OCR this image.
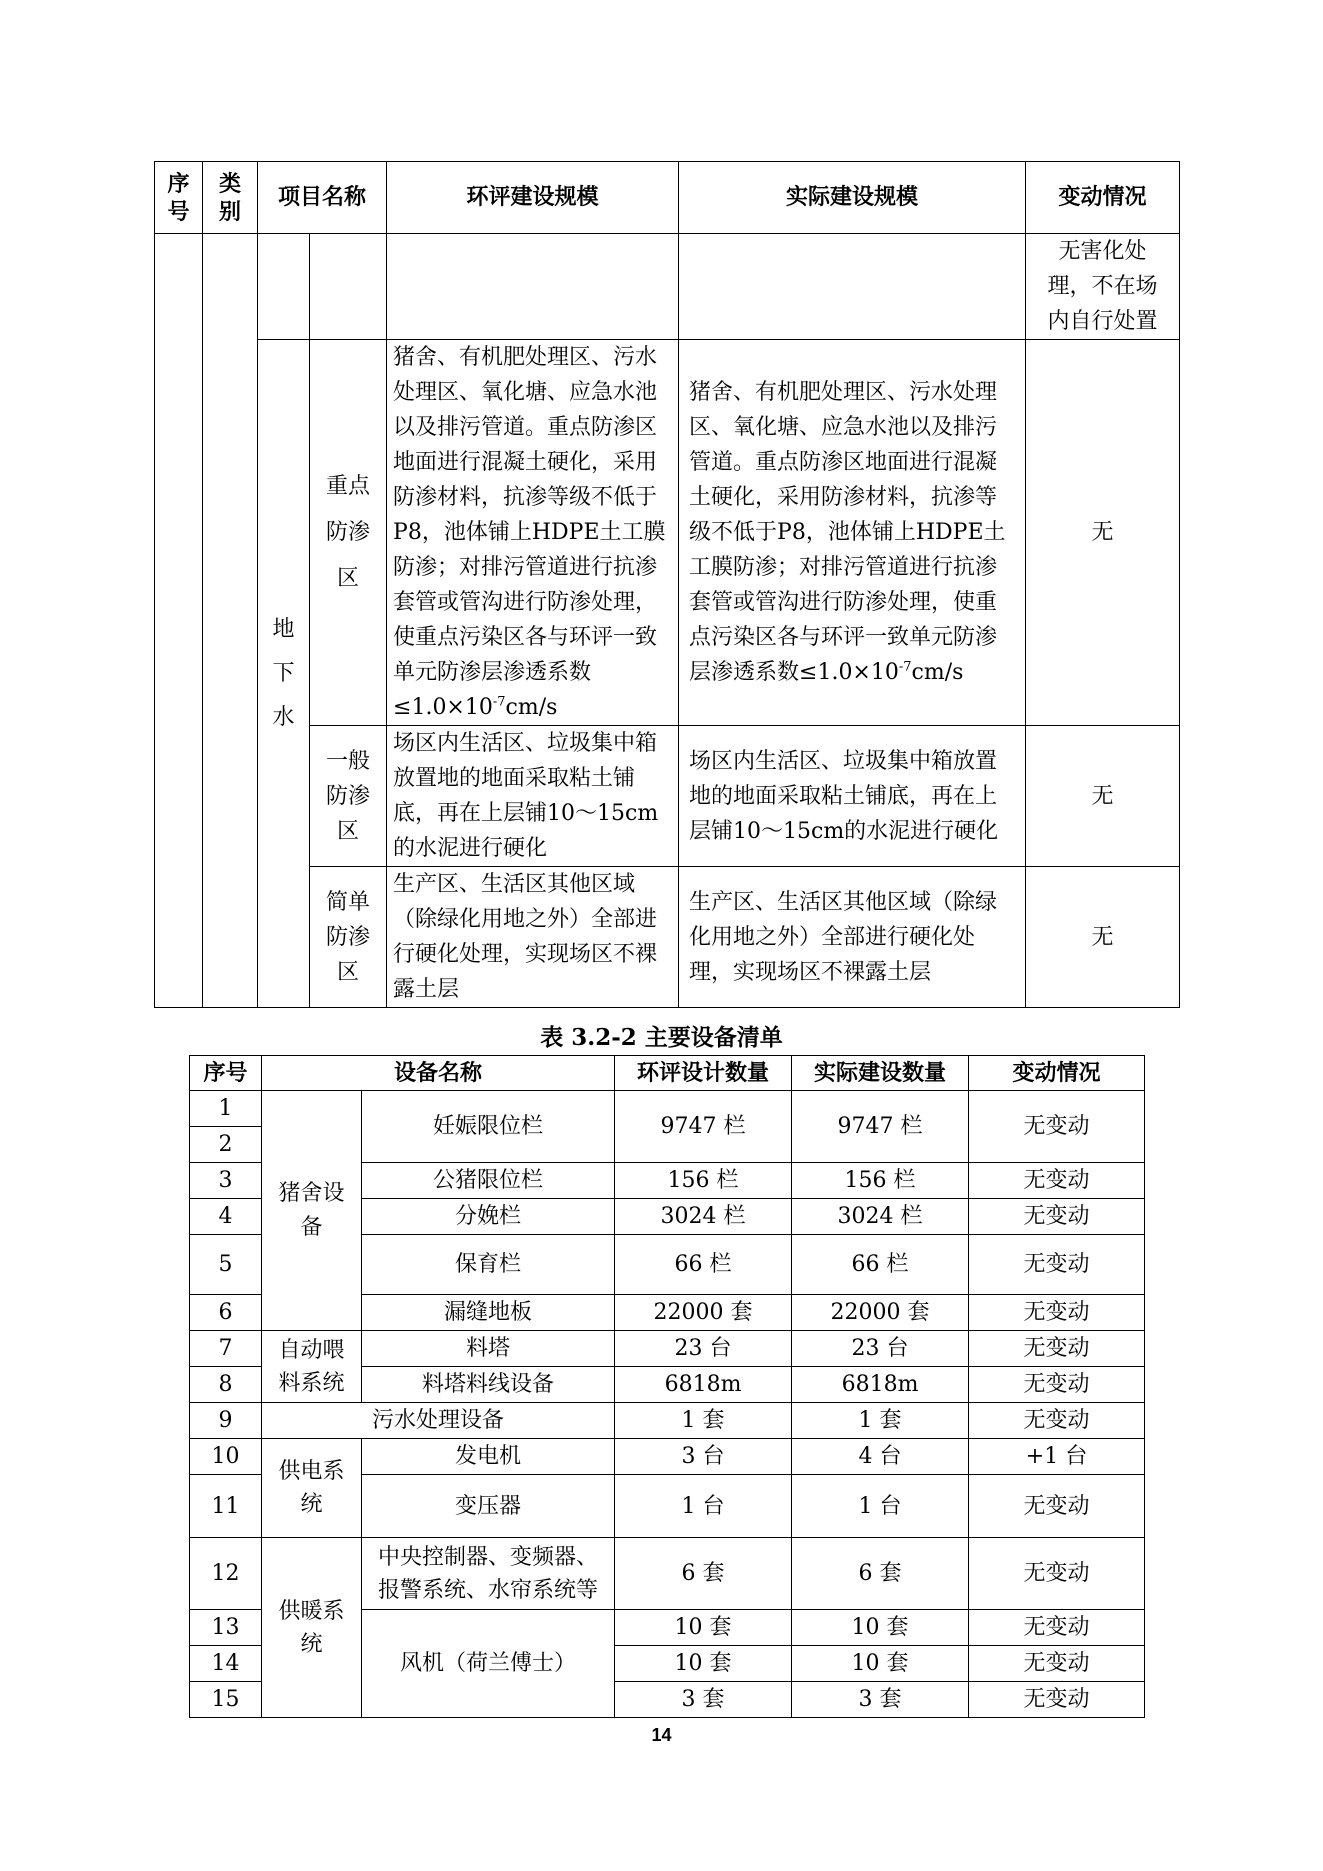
序号	类别	项目名称		环评建设规模	实际建设规模	变动情况
						无害化处理，不在场内自行处置
		地下水	重点防渗区	猪舍、有机肥处理区、污水处理区、氧化塘、应急水池以及排污管道。重点防渗区地面进行混凝土硬化，采用防渗材料，抗渗等级不低于P8，池体铺上HDPE土工膜防渗；对排污管道进行抗渗套管或管沟进行防渗处理，使重点污染区各与环评一致单元防渗层渗透系数$\le 1.0\times 10^{-7}cm/s$	猪舍、有机肥处理区、污水处理区、氧化塘、应急水池以及排污管道。重点防渗区地面进行混凝土硬化，采用防渗材料，抗渗等级不低于P8，池体铺上HDPE土工膜防渗；对排污管道进行抗渗套管或管沟进行防渗处理，使重点污染区各与环评一致单元防渗层渗透系数$\le 1.0\times 10^{-7}cm/s$	无
			一般防渗区	场区内生活区、垃圾集中箱放置地的地面采取粘土铺底，再在上层铺10～15cm的水泥进行硬化	场区内生活区、垃圾集中箱放置地的地面采取粘土铺底，再在上层铺10～15cm的水泥进行硬化	无
			简单防渗区	生产区、生活区其他区域（除绿化用地之外）全部进行硬化处理，实现场区不裸露土层	生产区、生活区其他区域（除绿化用地之外）全部进行硬化处理，实现场区不裸露土层	无
表 3.2-2 主要设备清单
序号	设备名称		环评设计数量	实际建设数量	变动情况
1	猪舍设备	妊娠限位栏	9747 栏	9747 栏	无变动
2					
3		公猪限位栏	156 栏	156 栏	无变动
4		分娩栏	3024 栏	3024 栏	无变动
5		保育栏	66 栏	66 栏	无变动
6		漏缝地板	22000 套	22000 套	无变动
7	自动喂料系统	料塔	23 台	23 台	无变动
8		料塔料线设备	6818m	6818m	无变动
9	污水处理设备		1 套	1 套	无变动
10	供电系统	发电机	3 台	4 台	+1 台
11		变压器	1 台	1 台	无变动
12	供暖系统	中央控制器、变频器、报警系统、水帘系统等	6 套	6 套	无变动
13		风机（荷兰傅士）	10 套	10 套	无变动
14			10 套	10 套	无变动
15			3 套	3 套	无变动
14
